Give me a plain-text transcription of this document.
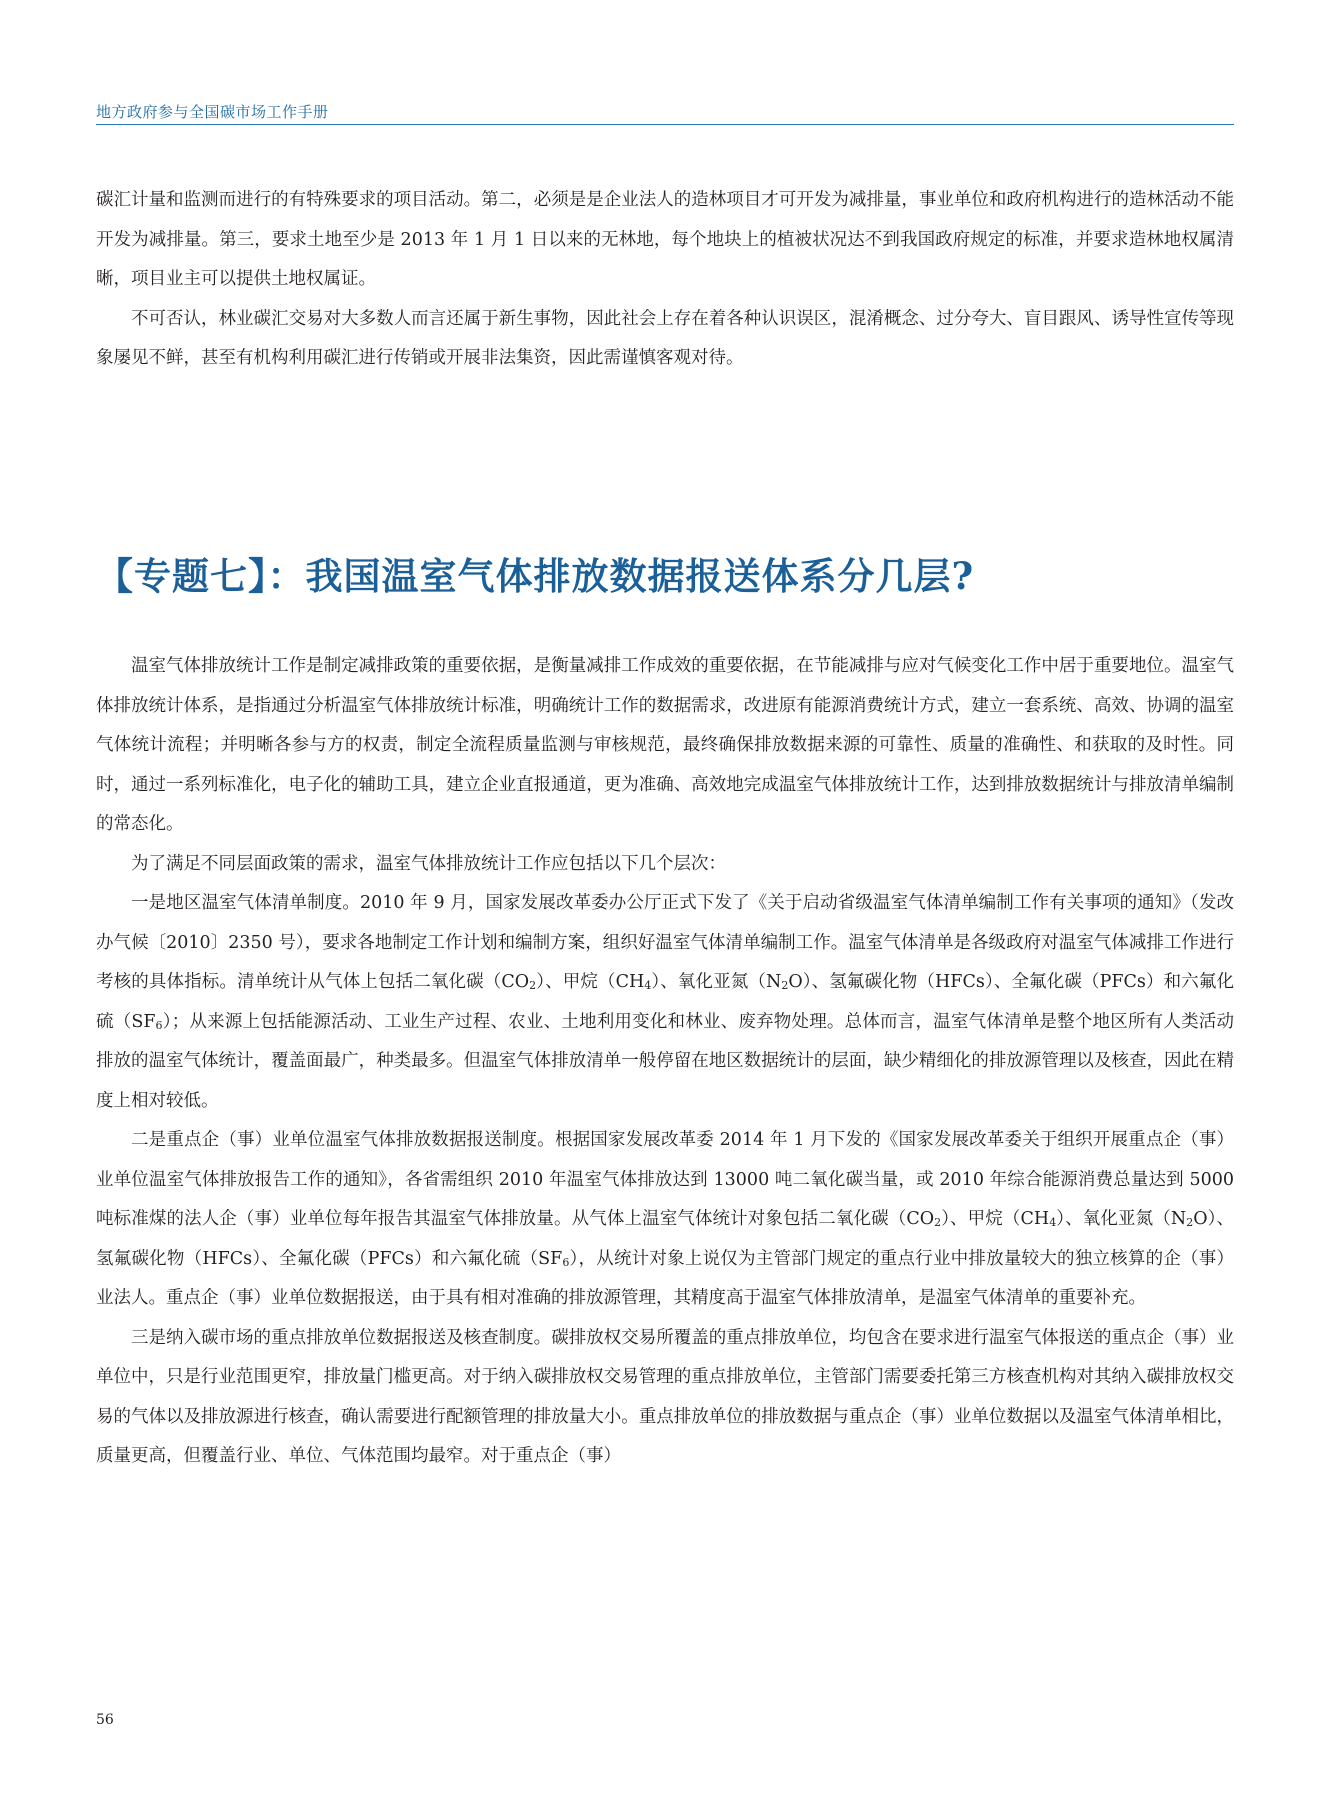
地方政府参与全国碳市场工作手册

碳汇计量和监测而进行的有特殊要求的项目活动。第二，必须是是企业法人的造林项目才可开发为减排量，事业单位和政府机构进行的造林活动不能开发为减排量。第三，要求土地至少是 2013 年 1 月 1 日以来的无林地，每个地块上的植被状况达不到我国政府规定的标准，并要求造林地权属清晰，项目业主可以提供土地权属证。

不可否认，林业碳汇交易对大多数人而言还属于新生事物，因此社会上存在着各种认识误区，混淆概念、过分夸大、盲目跟风、诱导性宣传等现象屡见不鲜，甚至有机构利用碳汇进行传销或开展非法集资，因此需谨慎客观对待。

【专题七】：我国温室气体排放数据报送体系分几层?

温室气体排放统计工作是制定减排政策的重要依据，是衡量减排工作成效的重要依据，在节能减排与应对气候变化工作中居于重要地位。温室气体排放统计体系，是指通过分析温室气体排放统计标准，明确统计工作的数据需求，改进原有能源消费统计方式，建立一套系统、高效、协调的温室气体统计流程；并明晰各参与方的权责，制定全流程质量监测与审核规范，最终确保排放数据来源的可靠性、质量的准确性、和获取的及时性。同时，通过一系列标准化，电子化的辅助工具，建立企业直报通道，更为准确、高效地完成温室气体排放统计工作，达到排放数据统计与排放清单编制的常态化。

为了满足不同层面政策的需求，温室气体排放统计工作应包括以下几个层次：

一是地区温室气体清单制度。2010 年 9 月，国家发展改革委办公厅正式下发了《关于启动省级温室气体清单编制工作有关事项的通知》（发改办气候〔2010〕2350 号），要求各地制定工作计划和编制方案，组织好温室气体清单编制工作。温室气体清单是各级政府对温室气体减排工作进行考核的具体指标。清单统计从气体上包括二氧化碳$(CO_2)$、甲烷$(CH_4)$、氧化亚氮$(N_2O)$、氢氟碳化物（HFCs）、全氟化碳（PFCs）和六氟化硫$(SF_6)$；从来源上包括能源活动、工业生产过程、农业、土地利用变化和林业、废弃物处理。总体而言，温室气体清单是整个地区所有人类活动排放的温室气体统计，覆盖面最广，种类最多。但温室气体排放清单一般停留在地区数据统计的层面，缺少精细化的排放源管理以及核查，因此在精度上相对较低。

二是重点企（事）业单位温室气体排放数据报送制度。根据国家发展改革委 2014 年 1 月下发的《国家发展改革委关于组织开展重点企（事）业单位温室气体排放报告工作的通知》，各省需组织 2010 年温室气体排放达到 13000 吨二氧化碳当量，或 2010 年综合能源消费总量达到 5000 吨标准煤的法人企（事）业单位每年报告其温室气体排放量。从气体上温室气体统计对象包括二氧化碳$(CO_2)$、甲烷$(CH_4)$、氧化亚氮$(N_2O)$、氢氟碳化物（HFCs）、全氟化碳（PFCs）和六氟化硫$(SF_6)$，从统计对象上说仅为主管部门规定的重点行业中排放量较大的独立核算的企（事）业法人。重点企（事）业单位数据报送，由于具有相对准确的排放源管理，其精度高于温室气体排放清单，是温室气体清单的重要补充。

三是纳入碳市场的重点排放单位数据报送及核查制度。碳排放权交易所覆盖的重点排放单位，均包含在要求进行温室气体报送的重点企（事）业单位中，只是行业范围更窄，排放量门槛更高。对于纳入碳排放权交易管理的重点排放单位，主管部门需要委托第三方核查机构对其纳入碳排放权交易的气体以及排放源进行核查，确认需要进行配额管理的排放量大小。重点排放单位的排放数据与重点企（事）业单位数据以及温室气体清单相比，质量更高，但覆盖行业、单位、气体范围均最窄。对于重点企（事）

56
